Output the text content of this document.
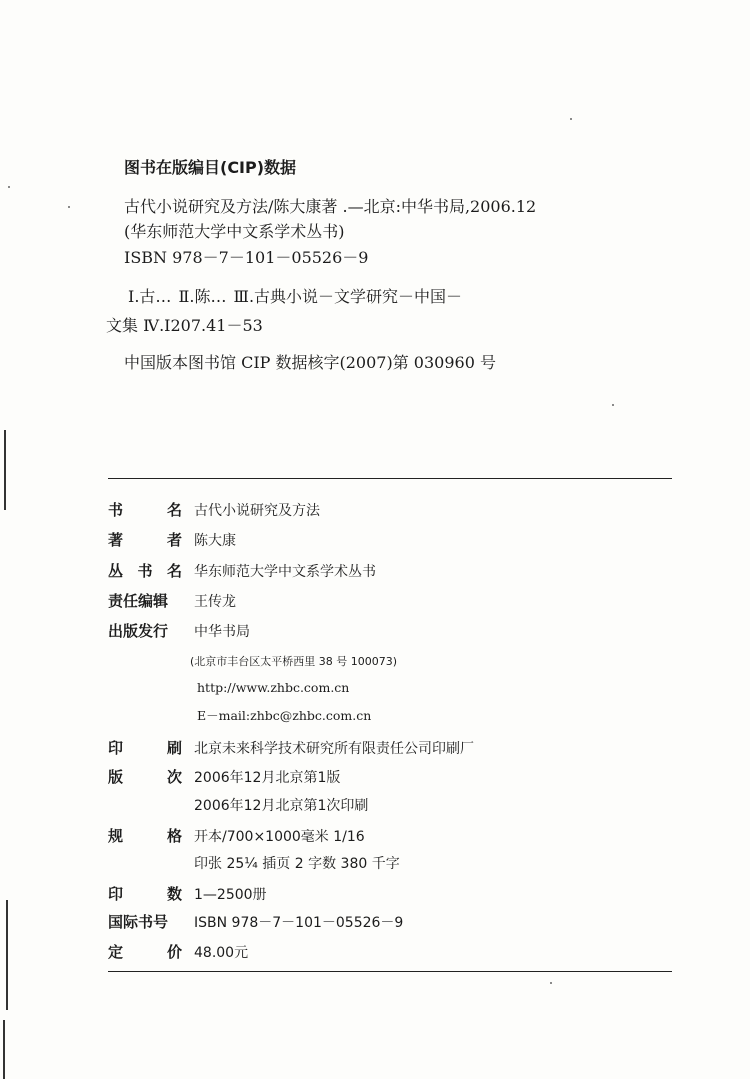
图书在版编目(CIP)数据
古代小说研究及方法/陈大康著 .—北京:中华书局,2006.12
(华东师范大学中文系学术丛书)
ISBN 978－7－101－05526－9
Ⅰ.古… Ⅱ.陈… Ⅲ.古典小说－文学研究－中国－
文集 Ⅳ.I207.41－53
中国版本图书馆 CIP 数据核字(2007)第 030960 号
书	名 古代小说研究及方法
著	者 陈大康
丛 书 名 华东师范大学中文系学术丛书
责任编辑	王传龙
出版发行	中华书局
(北京市丰台区太平桥西里 38 号 100073)
http://www.zhbc.com.cn
E－mail:zhbc@zhbc.com.cn
印	刷 北京未来科学技术研究所有限责任公司印刷厂
版	次 2006年12月北京第1版
2006年12月北京第1次印刷
规	格 开本/700×1000毫米 1/16
印张 25¼ 插页 2 字数 380 千字
印	数 1—2500册
国际书号	ISBN 978－7－101－05526－9
定	价 48.00元
